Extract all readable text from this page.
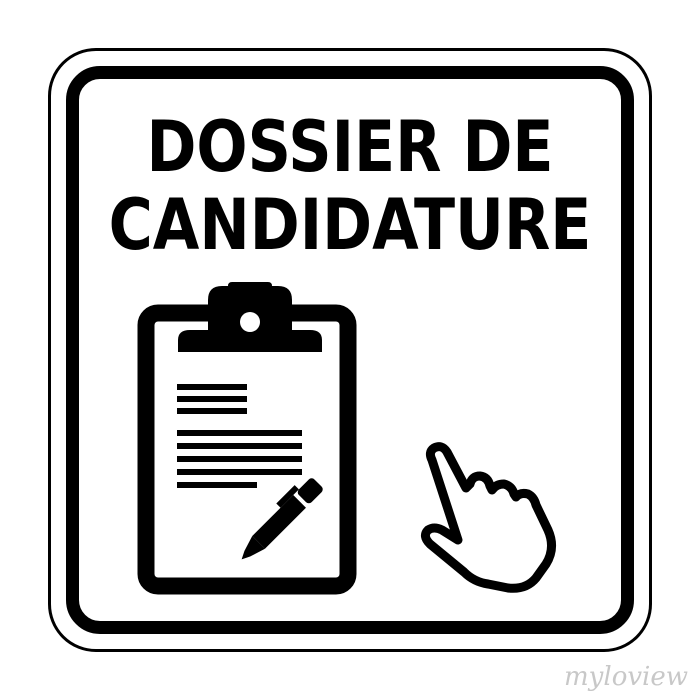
DOSSIER DE
CANDIDATURE
myloview
